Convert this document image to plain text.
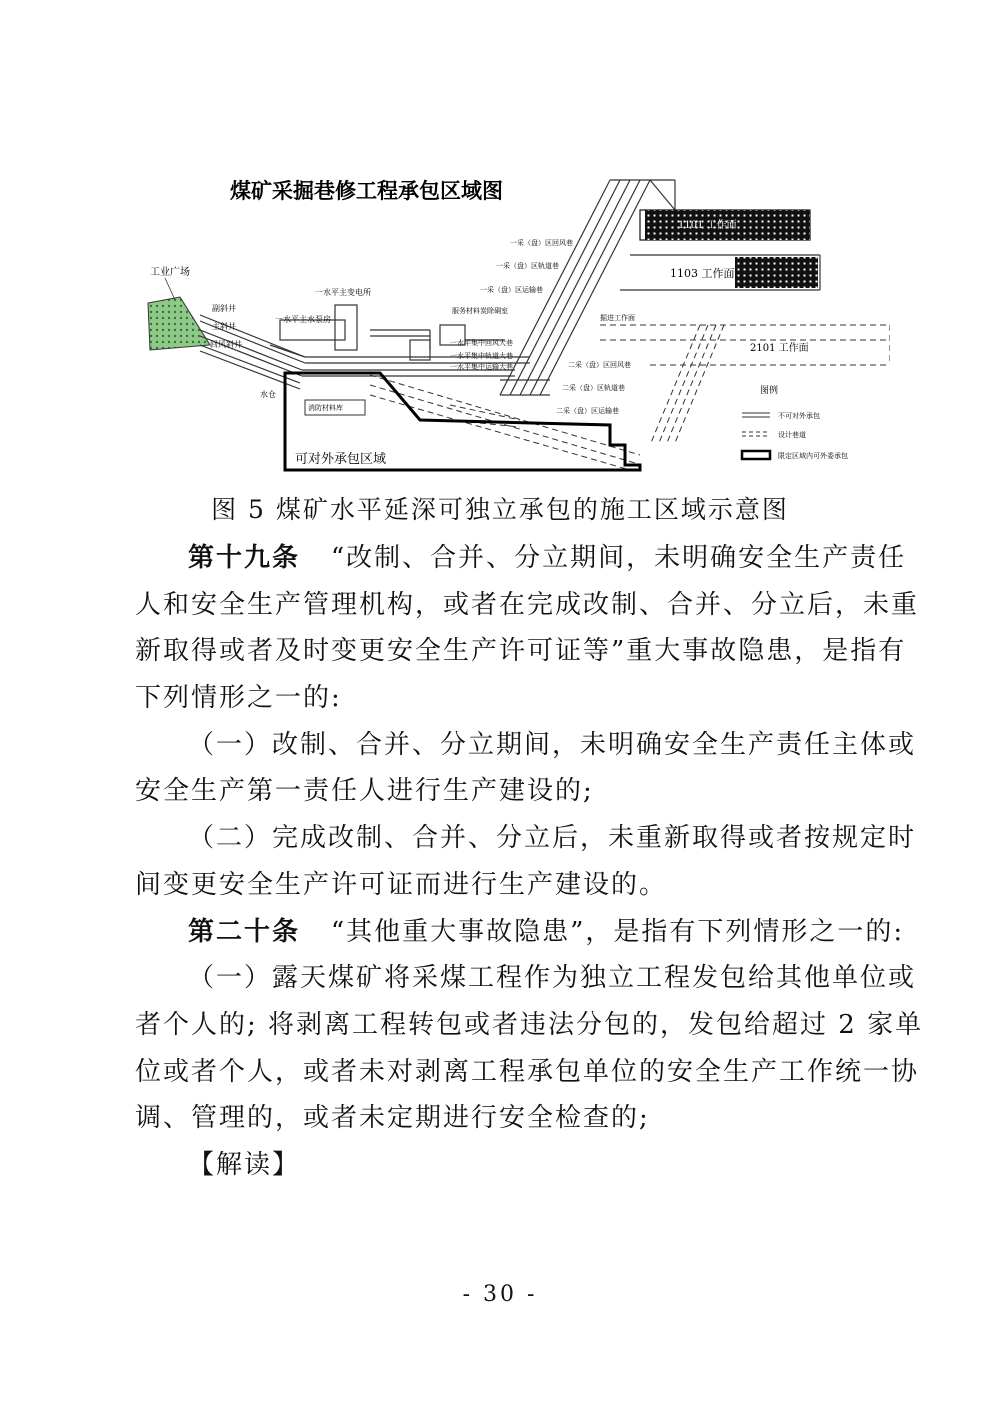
煤矿采掘巷修工程承包区域图
工业广场
副斜井
主斜井
回风斜井
一水平主变电所
一水平主水泵房
服务材料炭除硐室
水仓
一水平集中回风大巷
一水平集中轨道大巷
一水平集中运输大巷
一采（盘）区回风巷
一采（盘）区轨道巷
一采（盘）区运输巷
1101 工作面
1103 工作面
2101 工作面
掘进工作面
二采（盘）区回风巷
二采（盘）区轨道巷
二采（盘）区运输巷
可对外承包区域
消防材料库
图例
不可对外承包
设计巷道
限定区域内可外委承包
图 5 煤矿水平延深可独立承包的施工区域示意图
第十九条 “改制、合并、分立期间，未明确安全生产责任
人和安全生产管理机构，或者在完成改制、合并、分立后，未重
新取得或者及时变更安全生产许可证等”重大事故隐患，是指有
下列情形之一的:
（一）改制、合并、分立期间，未明确安全生产责任主体或
安全生产第一责任人进行生产建设的;
（二）完成改制、合并、分立后，未重新取得或者按规定时
间变更安全生产许可证而进行生产建设的。
第二十条 “其他重大事故隐患”，是指有下列情形之一的:
（一）露天煤矿将采煤工程作为独立工程发包给其他单位或
者个人的; 将剥离工程转包或者违法分包的，发包给超过 2 家单
位或者个人，或者未对剥离工程承包单位的安全生产工作统一协
调、管理的，或者未定期进行安全检查的;
【解读】
- 30 -
